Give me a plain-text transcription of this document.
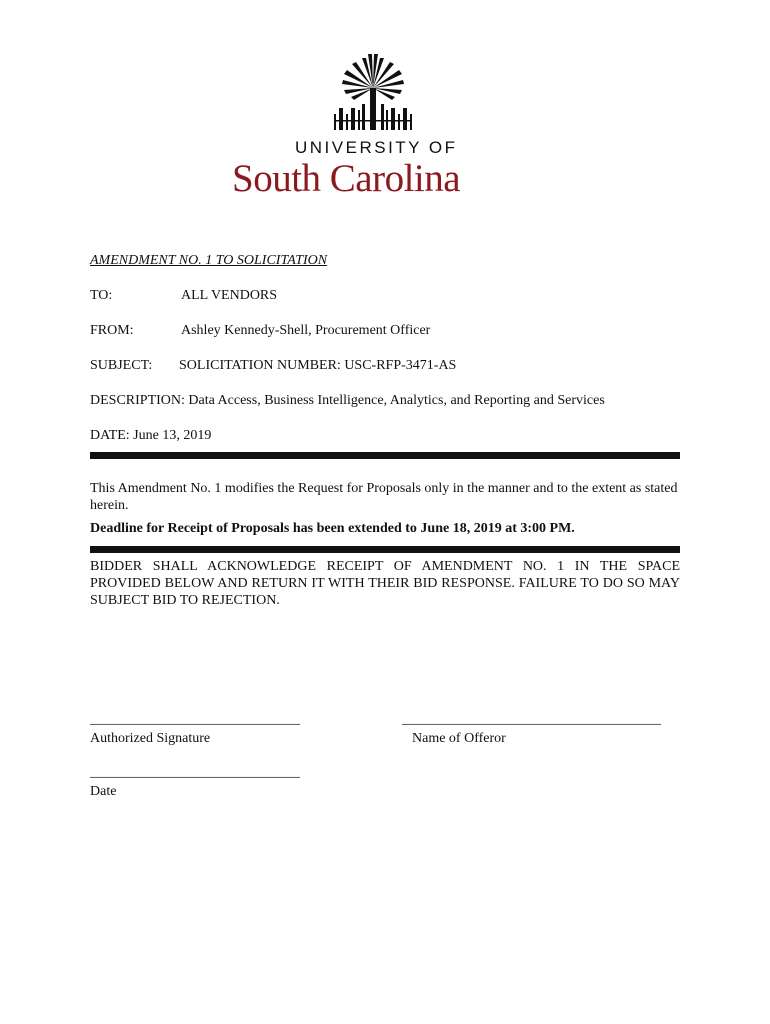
UNIVERSITY OF
South Carolina
AMENDMENT NO. 1 TO SOLICITATION
TO:	ALL VENDORS
FROM:	Ashley Kennedy-Shell, Procurement Officer
SUBJECT: SOLICITATION NUMBER: USC-RFP-3471-AS
DESCRIPTION: Data Access, Business Intelligence, Analytics, and Reporting and Services
DATE: June 13, 2019
This Amendment No. 1 modifies the Request for Proposals only in the manner and to the extent as stated herein.
Deadline for Receipt of Proposals has been extended to June 18, 2019 at 3:00 PM.
BIDDER SHALL ACKNOWLEDGE RECEIPT OF AMENDMENT NO. 1 IN THE SPACE PROVIDED BELOW AND RETURN IT WITH THEIR BID RESPONSE. FAILURE TO DO SO MAY SUBJECT BID TO REJECTION.
______________________________
Authorized Signature
_____________________________________
Name of Offeror
______________________________
Date
